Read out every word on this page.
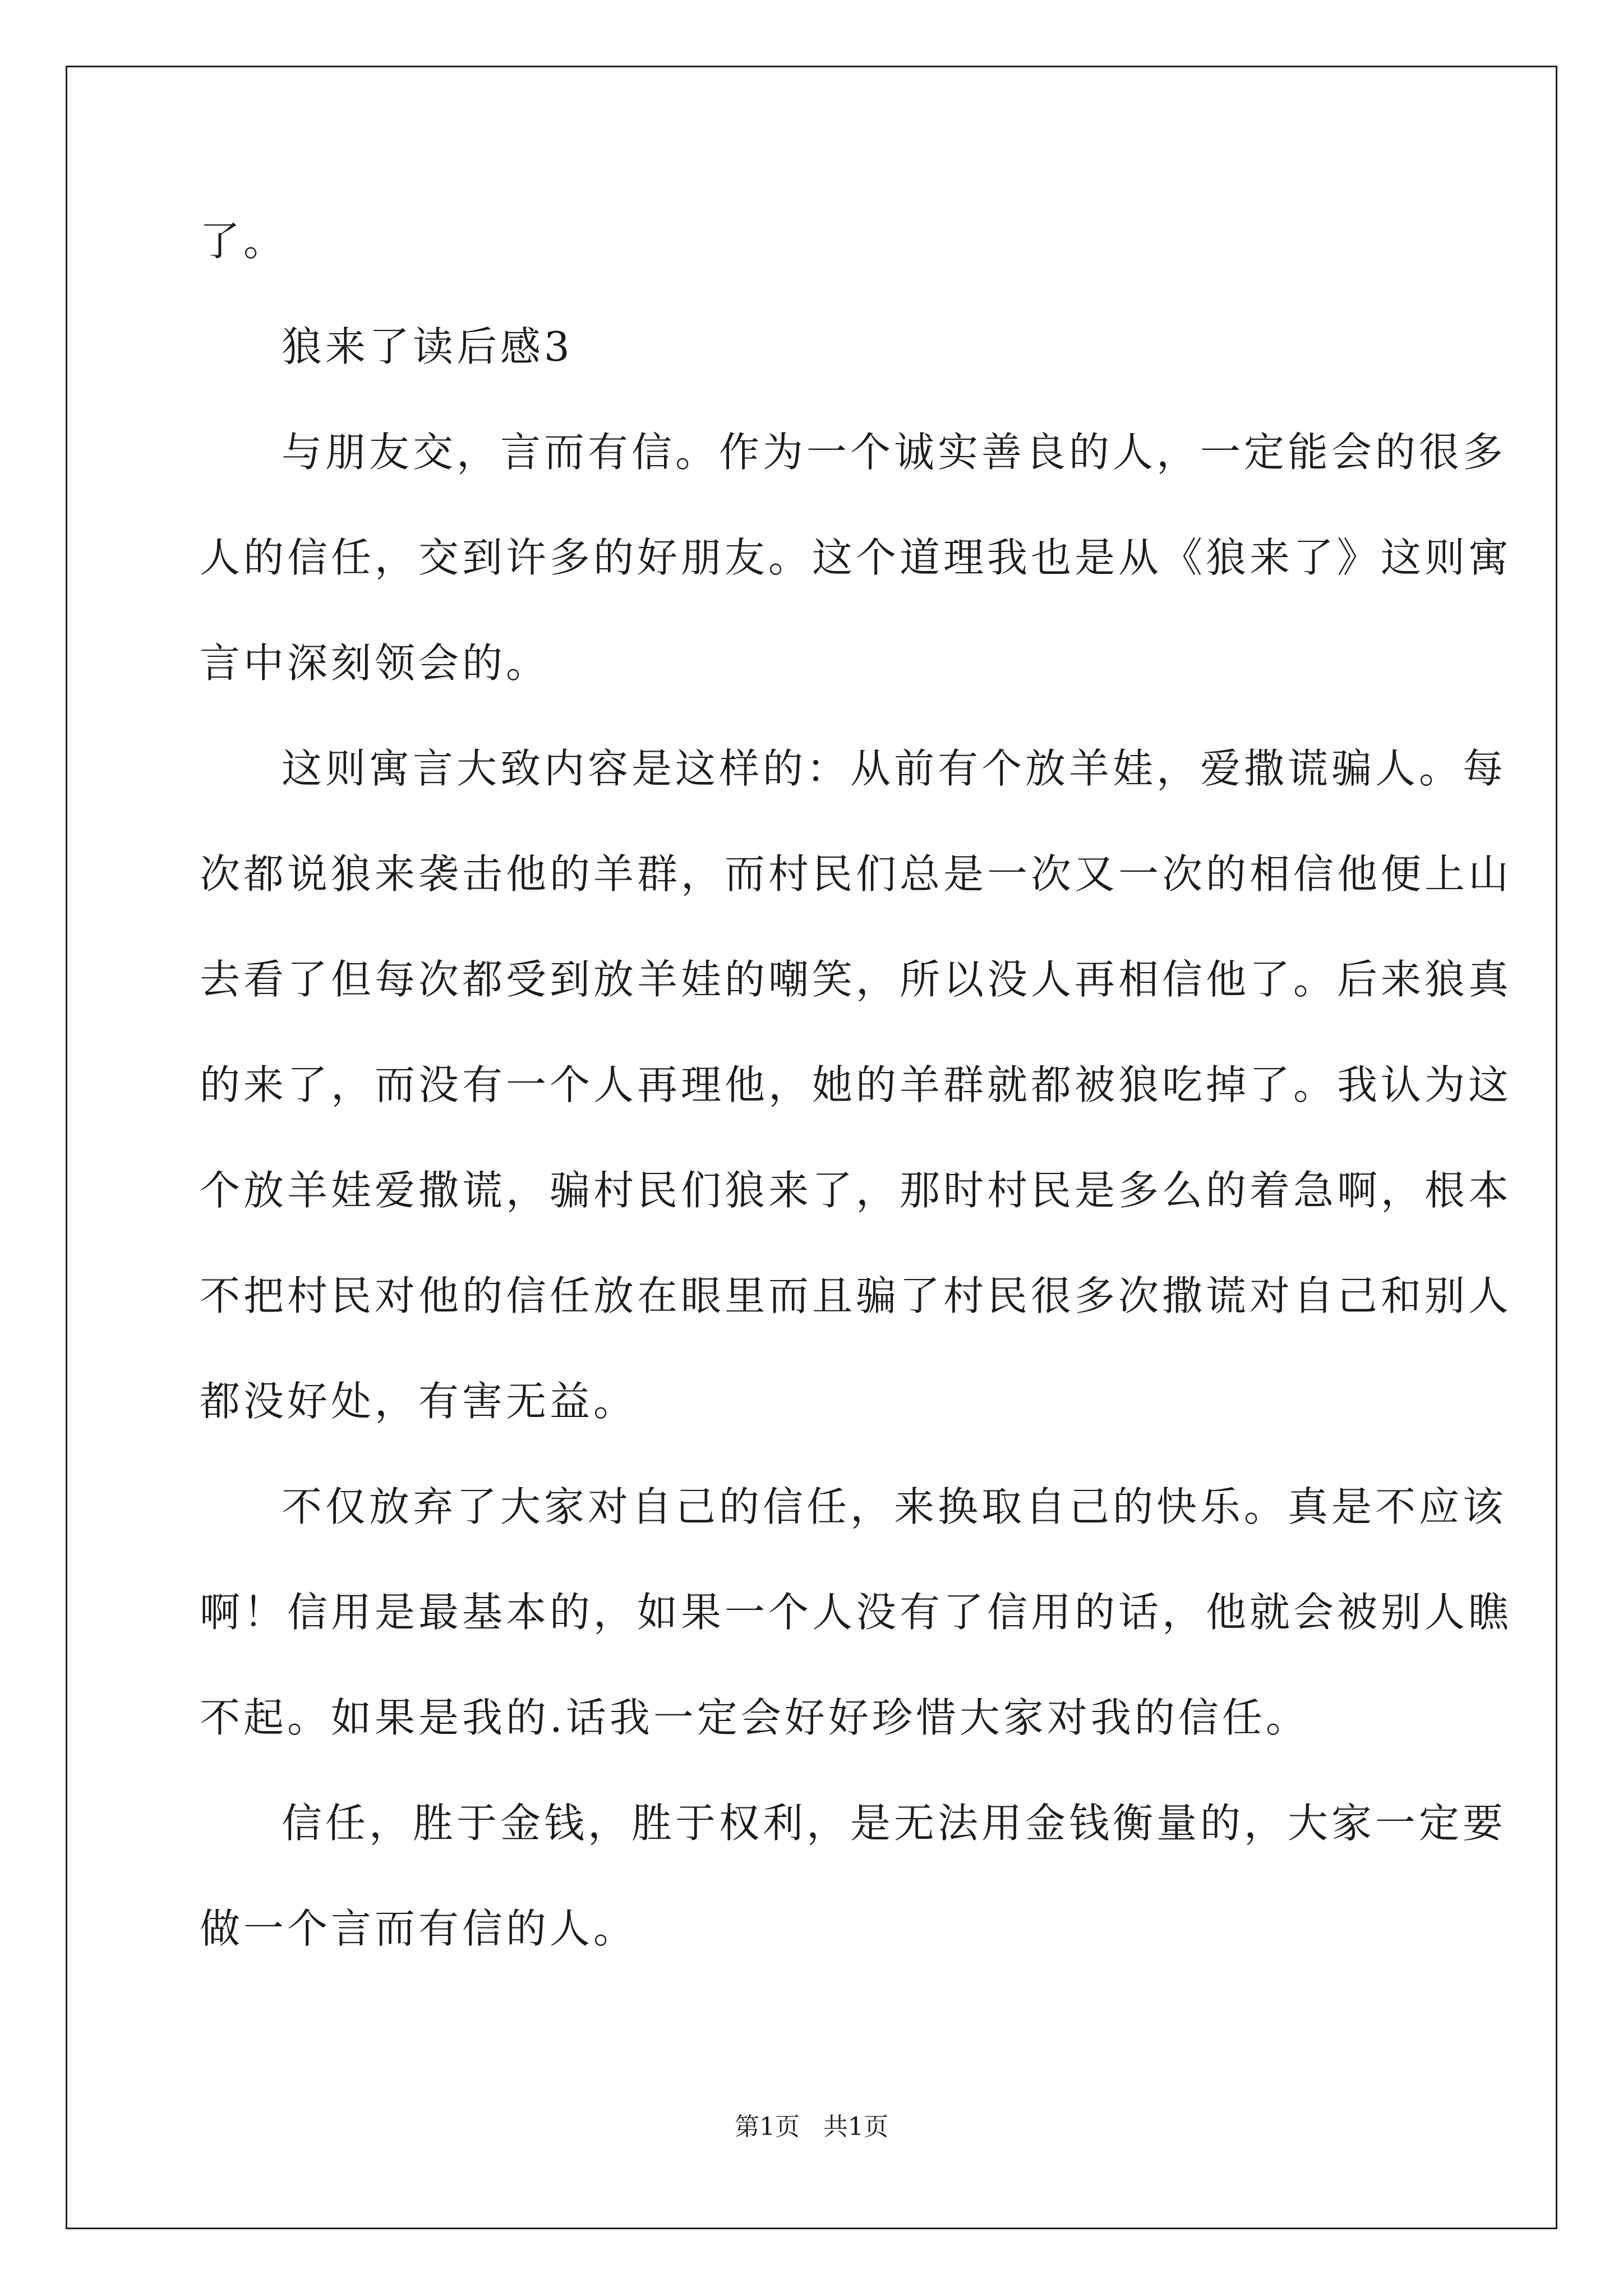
了。

狼来了读后感3

与朋友交，言而有信。作为一个诚实善良的人，一定能会的很多

人的信任，交到许多的好朋友。这个道理我也是从《狼来了》这则寓

言中深刻领会的。

这则寓言大致内容是这样的：从前有个放羊娃，爱撒谎骗人。每

次都说狼来袭击他的羊群，而村民们总是一次又一次的相信他便上山

去看了但每次都受到放羊娃的嘲笑，所以没人再相信他了。后来狼真

的来了，而没有一个人再理他，她的羊群就都被狼吃掉了。我认为这

个放羊娃爱撒谎，骗村民们狼来了，那时村民是多么的着急啊，根本

不把村民对他的信任放在眼里而且骗了村民很多次撒谎对自己和别人

都没好处，有害无益。

不仅放弃了大家对自己的信任，来换取自己的快乐。真是不应该

啊！信用是最基本的，如果一个人没有了信用的话，他就会被别人瞧

不起。如果是我的.话我一定会好好珍惜大家对我的信任。

信任，胜于金钱，胜于权利，是无法用金钱衡量的，大家一定要

做一个言而有信的人。

第1页 共1页
